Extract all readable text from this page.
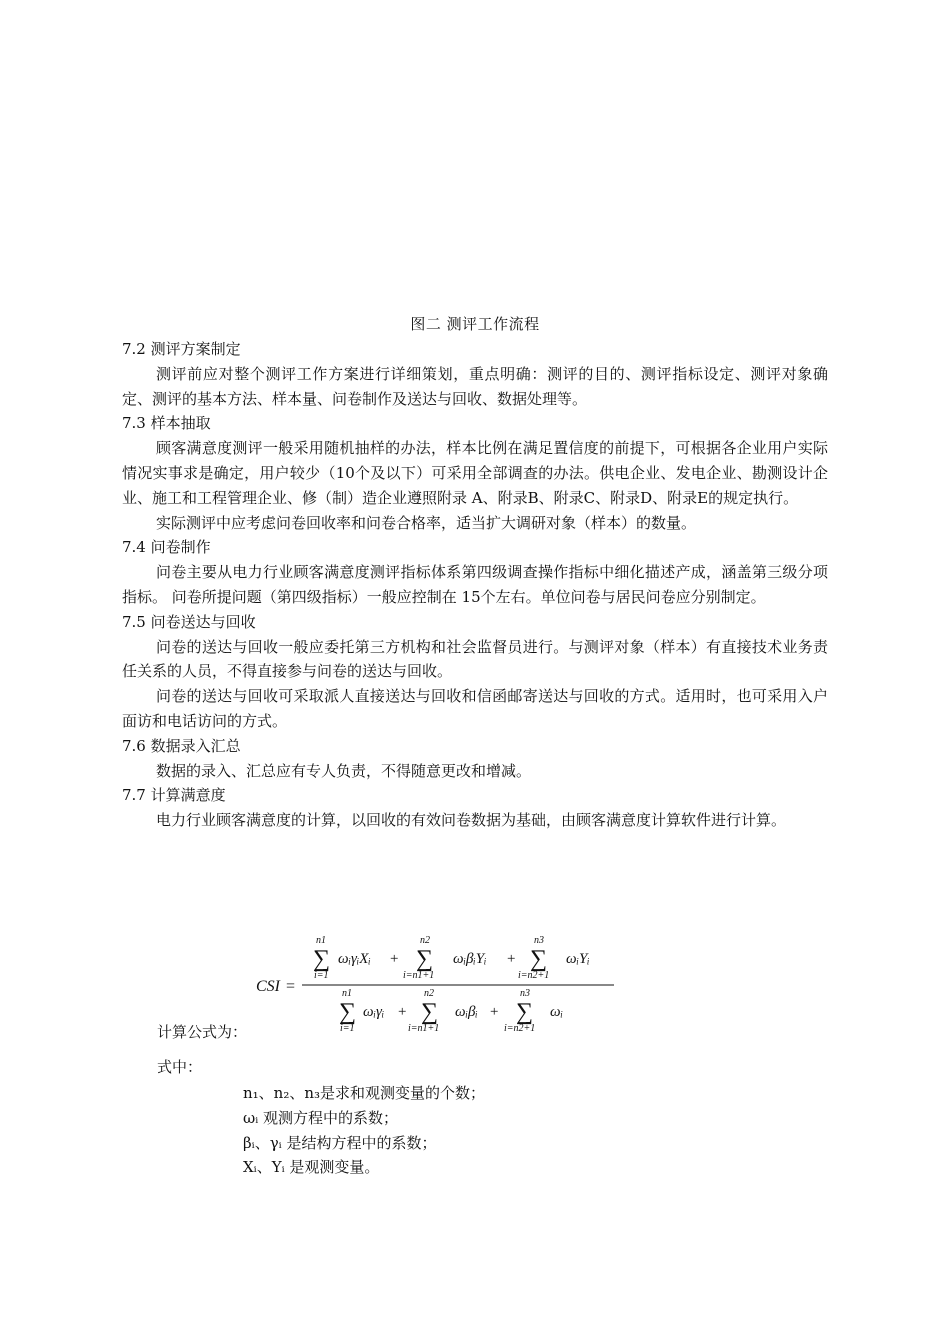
图二 测评工作流程

7.2 测评方案制定

测评前应对整个测评工作方案进行详细策划，重点明确：测评的目的、测评指标设定、测评对象确定、测评的基本方法、样本量、问卷制作及送达与回收、数据处理等。

7.3 样本抽取

顾客满意度测评一般采用随机抽样的办法，样本比例在满足置信度的前提下，可根据各企业用户实际情况实事求是确定，用户较少（10个及以下）可采用全部调查的办法。供电企业、发电企业、勘测设计企业、施工和工程管理企业、修（制）造企业遵照附录 A、附录B、附录C、附录D、附录E的规定执行。

实际测评中应考虑问卷回收率和问卷合格率，适当扩大调研对象（样本）的数量。

7.4 问卷制作

问卷主要从电力行业顾客满意度测评指标体系第四级调查操作指标中细化描述产成，涵盖第三级分项指标。 问卷所提问题（第四级指标）一般应控制在 15个左右。单位问卷与居民问卷应分别制定。

7.5 问卷送达与回收

问卷的送达与回收一般应委托第三方机构和社会监督员进行。与测评对象（样本）有直接技术业务责任关系的人员，不得直接参与问卷的送达与回收。

问卷的送达与回收可采取派人直接送达与回收和信函邮寄送达与回收的方式。适用时，也可采用入户面访和电话访问的方式。

7.6 数据录入汇总

数据的录入、汇总应有专人负责，不得随意更改和增减。

7.7 计算满意度

电力行业顾客满意度的计算，以回收的有效问卷数据为基础，由顾客满意度计算软件进行计算。

CSI =
n1
∑
i=1
ωᵢγᵢXᵢ +
n2
∑
i=n1+1
ωᵢβᵢYᵢ +
n3
∑
i=n2+1
ωᵢYᵢ
n1
∑
i=1
ωᵢγᵢ +
n2
∑
i=n1+1
ωᵢβᵢ +
n3
∑
i=n2+1
ωᵢ
计算公式为：
式中：
n₁、n₂、n₃是求和观测变量的个数；
ωᵢ 观测方程中的系数；
βᵢ、γᵢ 是结构方程中的系数；
Xᵢ、Yᵢ 是观测变量。
